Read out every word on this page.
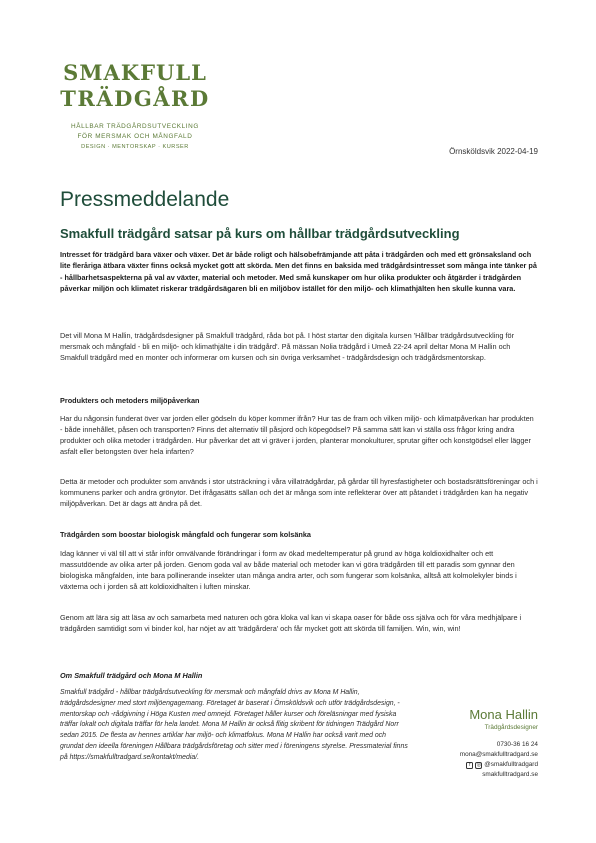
SMAKFULL
TRÄDGÅRD
HÅLLBAR TRÄDGÅRDSUTVECKLING
FÖR MERSMAK OCH MÅNGFALD
DESIGN · MENTORSKAP · KURSER	Örnsköldsvik 2022-04-19
Pressmeddelande
Smakfull trädgård satsar på kurs om hållbar trädgårdsutveckling

Intresset för trädgård bara växer och växer. Det är både roligt och hälsobefrämjande att påta i trädgården och med ett grönsaksland och lite fleråriga ätbara växter finns också mycket gott att skörda. Men det finns en baksida med trädgårdsintresset som många inte tänker på - hållbarhetsaspekterna på val av växter, material och metoder. Med små kunskaper om hur olika produkter och åtgärder i trädgården påverkar miljön och klimatet riskerar trädgårdsägaren bli en miljöbov istället för den miljö- och klimathjälten hen skulle kunna vara.

Det vill Mona M Hallin, trädgårdsdesigner på Smakfull trädgård, råda bot på. I höst startar den digitala kursen 'Hållbar trädgårdsutveckling för mersmak och mångfald - bli en miljö- och klimathjälte i din trädgård'. På mässan Nolia trädgård i Umeå 22-24 april deltar Mona M Hallin och Smakfull trädgård med en monter och informerar om kursen och sin övriga verksamhet - trädgårdsdesign och trädgårdsmentorskap.

Produkters och metoders miljöpåverkan

Har du någonsin funderat över var jorden eller gödseln du köper kommer ifrån? Hur tas de fram och vilken miljö- och klimatpåverkan har produkten - både innehållet, påsen och transporten? Finns det alternativ till påsjord och köpegödsel? På samma sätt kan vi ställa oss frågor kring andra produkter och olika metoder i trädgården. Hur påverkar det att vi gräver i jorden, planterar monokulturer, sprutar gifter och konstgödsel eller lägger asfalt eller betongsten över hela infarten?

Detta är metoder och produkter som används i stor utsträckning i våra villaträdgårdar, på gårdar till hyresfastigheter och bostadsrättsföreningar och i kommunens parker och andra grönytor. Det ifrågasätts sällan och det är många som inte reflekterar över att påtandet i trädgården kan ha negativ miljöpåverkan. Det är dags att ändra på det.

Trädgården som boostar biologisk mångfald och fungerar som kolsänka

Idag känner vi väl till att vi står inför omvälvande förändringar i form av ökad medeltemperatur på grund av höga koldioxidhalter och ett massutdöende av olika arter på jorden. Genom goda val av både material och metoder kan vi göra trädgården till ett paradis som gynnar den biologiska mångfalden, inte bara pollinerande insekter utan många andra arter, och som fungerar som kolsänka, alltså att kolmolekyler binds i växterna och i jorden så att koldioxidhalten i luften minskar.

Genom att lära sig att läsa av och samarbeta med naturen och göra kloka val kan vi skapa oaser för både oss själva och för våra medhjälpare i trädgården samtidigt som vi binder kol, har nöjet av att 'trädgårdera' och får mycket gott att skörda till familjen. Win, win, win!

Om Smakfull trädgård och Mona M Hallin

Smakfull trädgård - hållbar trädgårdsutveckling för mersmak och mångfald drivs av Mona M Hallin, trädgårdsdesigner med stort miljöengagemang. Företaget är baserat i Örnsköldsvik och utför trädgårdsdesign, -mentorskap och -rådgivning i Höga Kusten med omnejd. Företaget håller kurser och föreläsningar med fysiska träffar lokalt och digitala träffar för hela landet. Mona M Hallin är också flitig skribent för tidningen Trädgård Norr sedan 2015. De flesta av hennes artiklar har miljö- och klimatfokus. Mona M Hallin har också varit med och grundat den ideella föreningen Hållbara trädgårdsföretag och sitter med i föreningens styrelse. Pressmaterial finns på https://smakfulltradgard.se/kontakt/media/.

Mona Hallin
Trädgårdsdesigner
0730-36 16 24
mona@smakfulltradgard.se
f	◎ @smakfulltradgard
smakfulltradgard.se
